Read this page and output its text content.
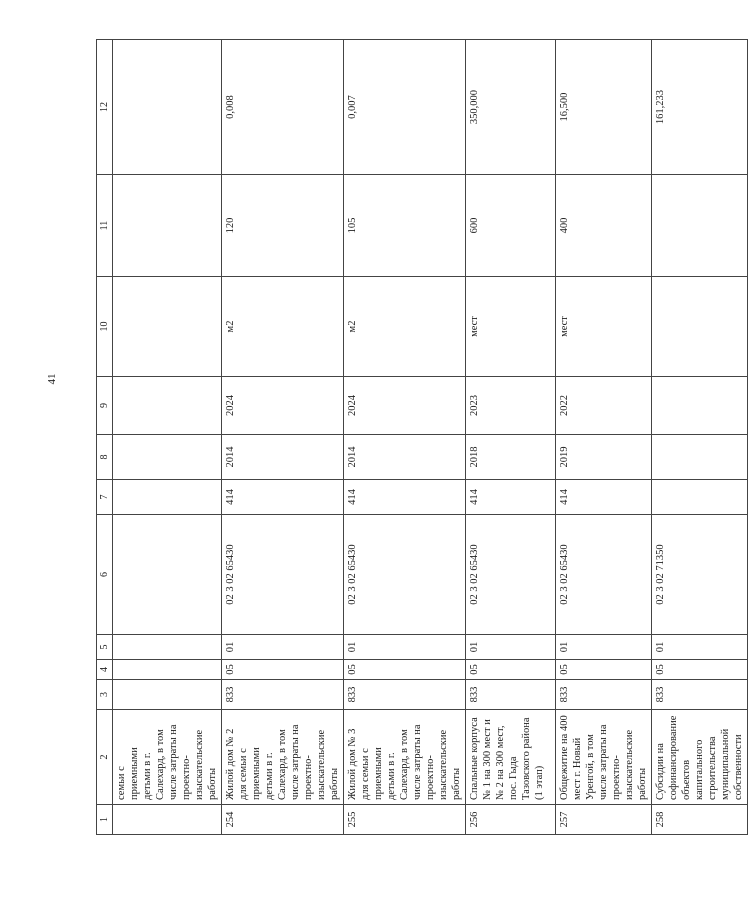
41
1	2	3	4	5	6	7	8	9	10	11	12
	семьи с приемными детьми в г. Салехард, в том числе затраты на проектно-изыскательские работы										
254	Жилой дом № 2 для семьи с приемными детьми в г. Салехард, в том числе затраты на проектно-изыскательские работы	833	05	01	02 3 02 65430	414	2014	2024	м2	120	0,008
255	Жилой дом № 3 для семьи с приемными детьми в г. Салехард, в том числе затраты на проектно-изыскательские работы	833	05	01	02 3 02 65430	414	2014	2024	м2	105	0,007
256	Спальные корпуса № 1 на 300 мест и № 2 на 300 мест, пос. Гыда Тазовского района (1 этап)	833	05	01	02 3 02 65430	414	2018	2023	мест	600	350,000
257	Общежитие на 400 мест г. Новый Уренгой, в том числе затраты на проектно-изыскательские работы	833	05	01	02 3 02 65430	414	2019	2022	мест	400	16,500
258	Субсидии на софинансирование объектов капитального строительства муниципальной собственности	833	05	01	02 3 02 71350						161,233
